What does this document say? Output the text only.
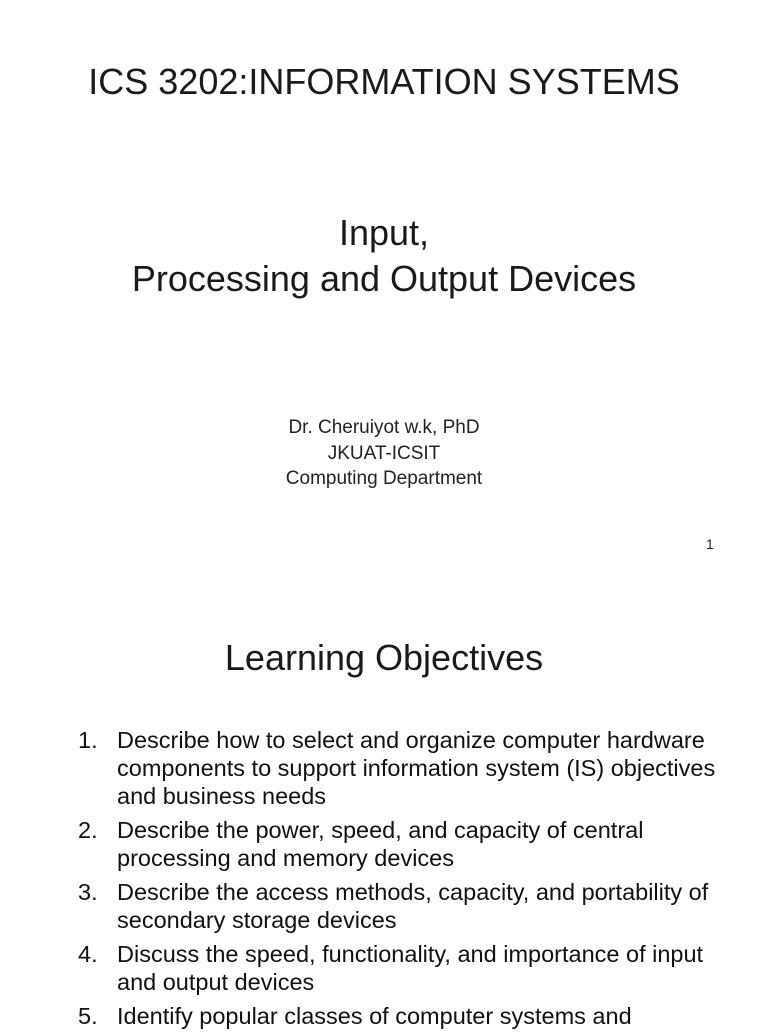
ICS 3202:INFORMATION SYSTEMS
Input,
Processing and Output Devices
Dr. Cheruiyot w.k, PhD
JKUAT-ICSIT
Computing Department
1
Learning Objectives
1. Describe how to select and organize computer hardware components to support information system (IS) objectives and business needs
2. Describe the power, speed, and capacity of central processing and memory devices
3. Describe the access methods, capacity, and portability of secondary storage devices
4. Discuss the speed, functionality, and importance of input and output devices
5. Identify popular classes of computer systems and
